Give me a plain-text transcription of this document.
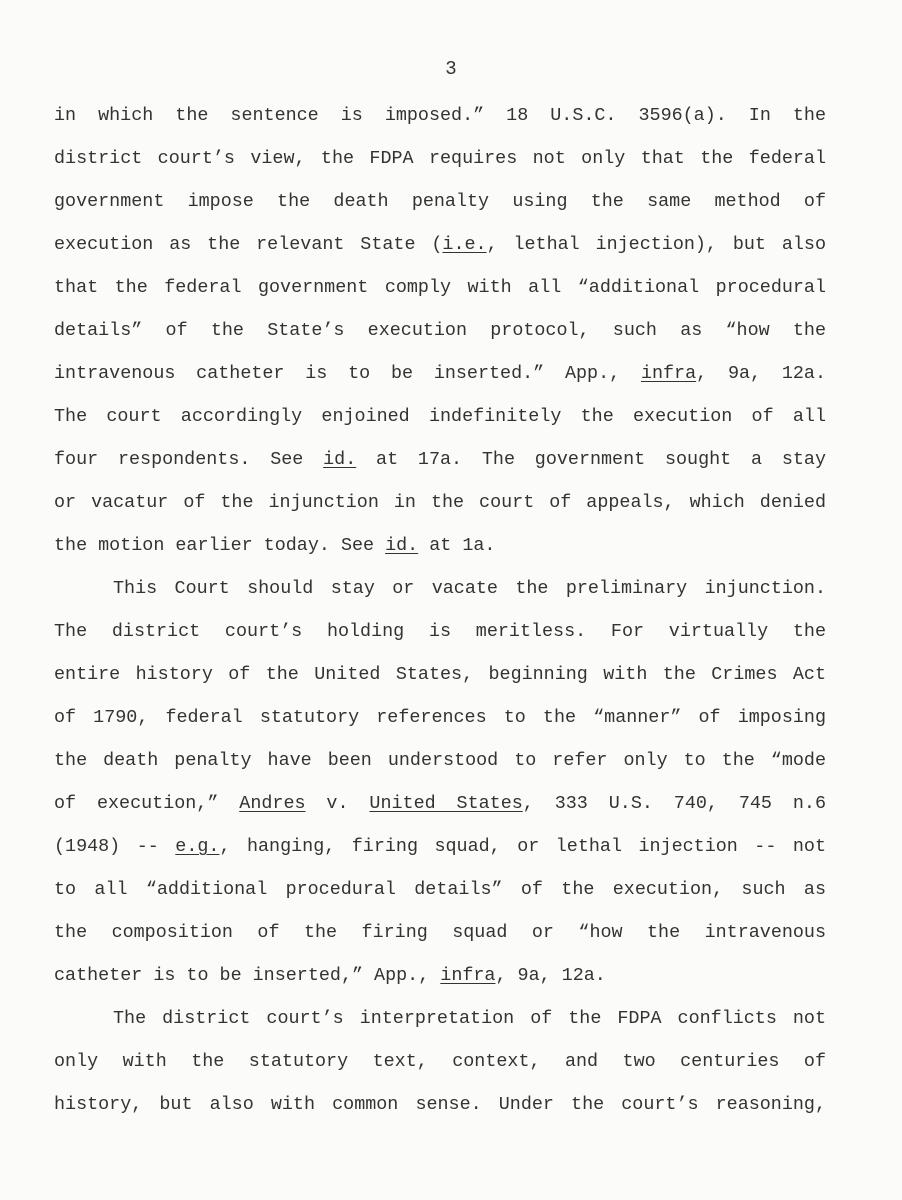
3
in which the sentence is imposed.” 18 U.S.C. 3596(a). In the
district court’s view, the FDPA requires not only that the federal
government impose the death penalty using the same method of
execution as the relevant State (i.e., lethal injection), but also
that the federal government comply with all “additional procedural
details” of the State’s execution protocol, such as “how the
intravenous catheter is to be inserted.” App., infra, 9a, 12a.
The court accordingly enjoined indefinitely the execution of all
four respondents. See id. at 17a. The government sought a stay
or vacatur of the injunction in the court of appeals, which denied
the motion earlier today. See id. at 1a.
This Court should stay or vacate the preliminary injunction.
The district court’s holding is meritless. For virtually the
entire history of the United States, beginning with the Crimes Act
of 1790, federal statutory references to the “manner” of imposing
the death penalty have been understood to refer only to the “mode
of execution,” Andres v. United States, 333 U.S. 740, 745 n.6
(1948) -- e.g., hanging, firing squad, or lethal injection -- not
to all “additional procedural details” of the execution, such as
the composition of the firing squad or “how the intravenous
catheter is to be inserted,” App., infra, 9a, 12a.
The district court’s interpretation of the FDPA conflicts not
only with the statutory text, context, and two centuries of
history, but also with common sense. Under the court’s reasoning,
